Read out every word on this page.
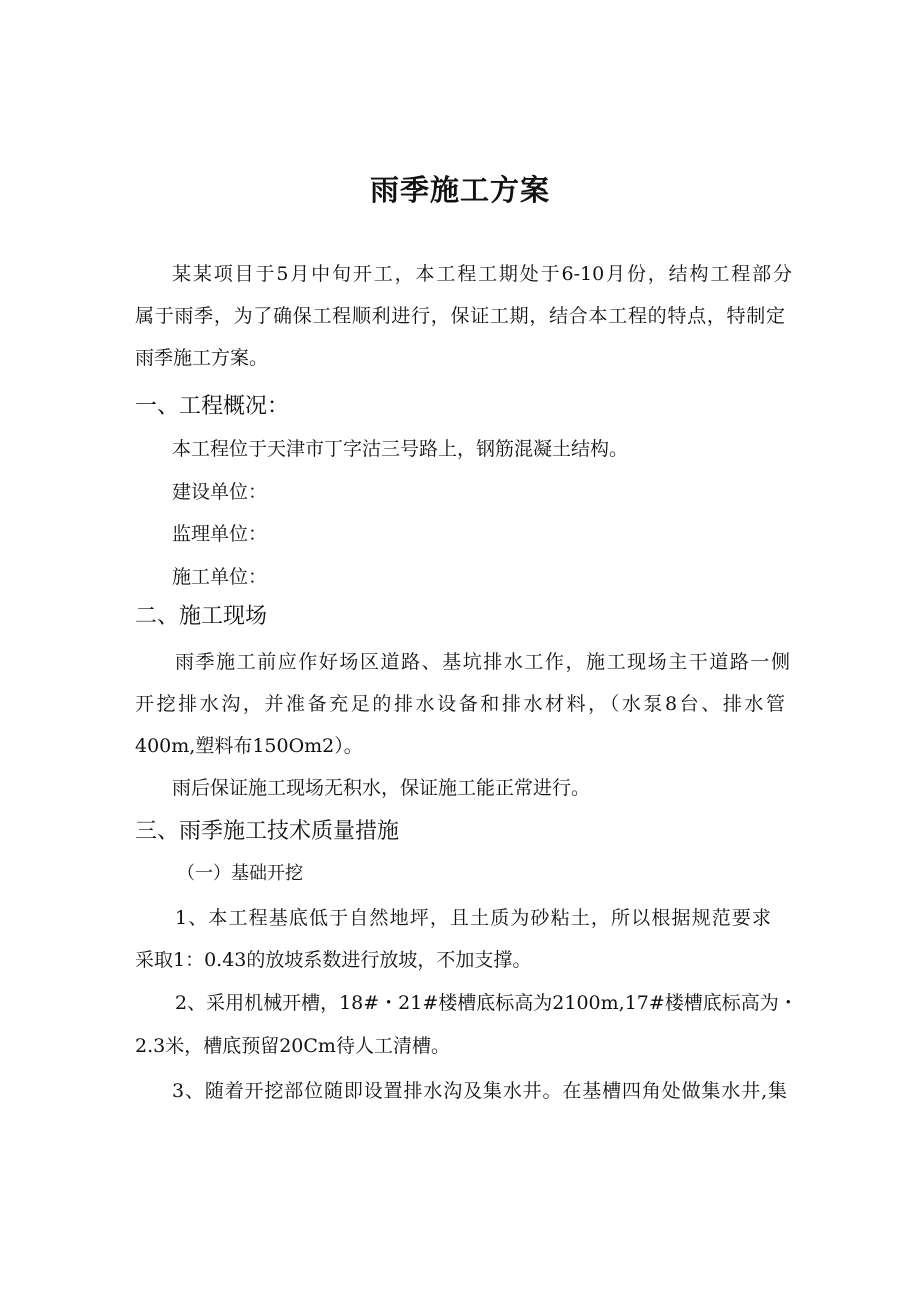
雨季施工方案

某某项目于5月中旬开工，本工程工期处于6-10月份，结构工程部分

属于雨季，为了确保工程顺利进行，保证工期，结合本工程的特点，特制定

雨季施工方案。

一、工程概况：

本工程位于天津市丁字沽三号路上，钢筋混凝土结构。

建设单位：

监理单位：

施工单位：

二、施工现场

雨季施工前应作好场区道路、基坑排水工作，施工现场主干道路一侧

开挖排水沟，并准备充足的排水设备和排水材料，（水泵8台、排水管

400m,塑料布150Om2）。

雨后保证施工现场无积水，保证施工能正常进行。

三、雨季施工技术质量措施

（一）基础开挖

1、本工程基底低于自然地坪，且土质为砂粘土，所以根据规范要求

采取1：0.43的放坡系数进行放坡，不加支撑。

2、采用机械开槽，18#・21#楼槽底标高为2100m,17#楼槽底标高为・

2.3米，槽底预留20Cm待人工清槽。

3、随着开挖部位随即设置排水沟及集水井。在基槽四角处做集水井,集
